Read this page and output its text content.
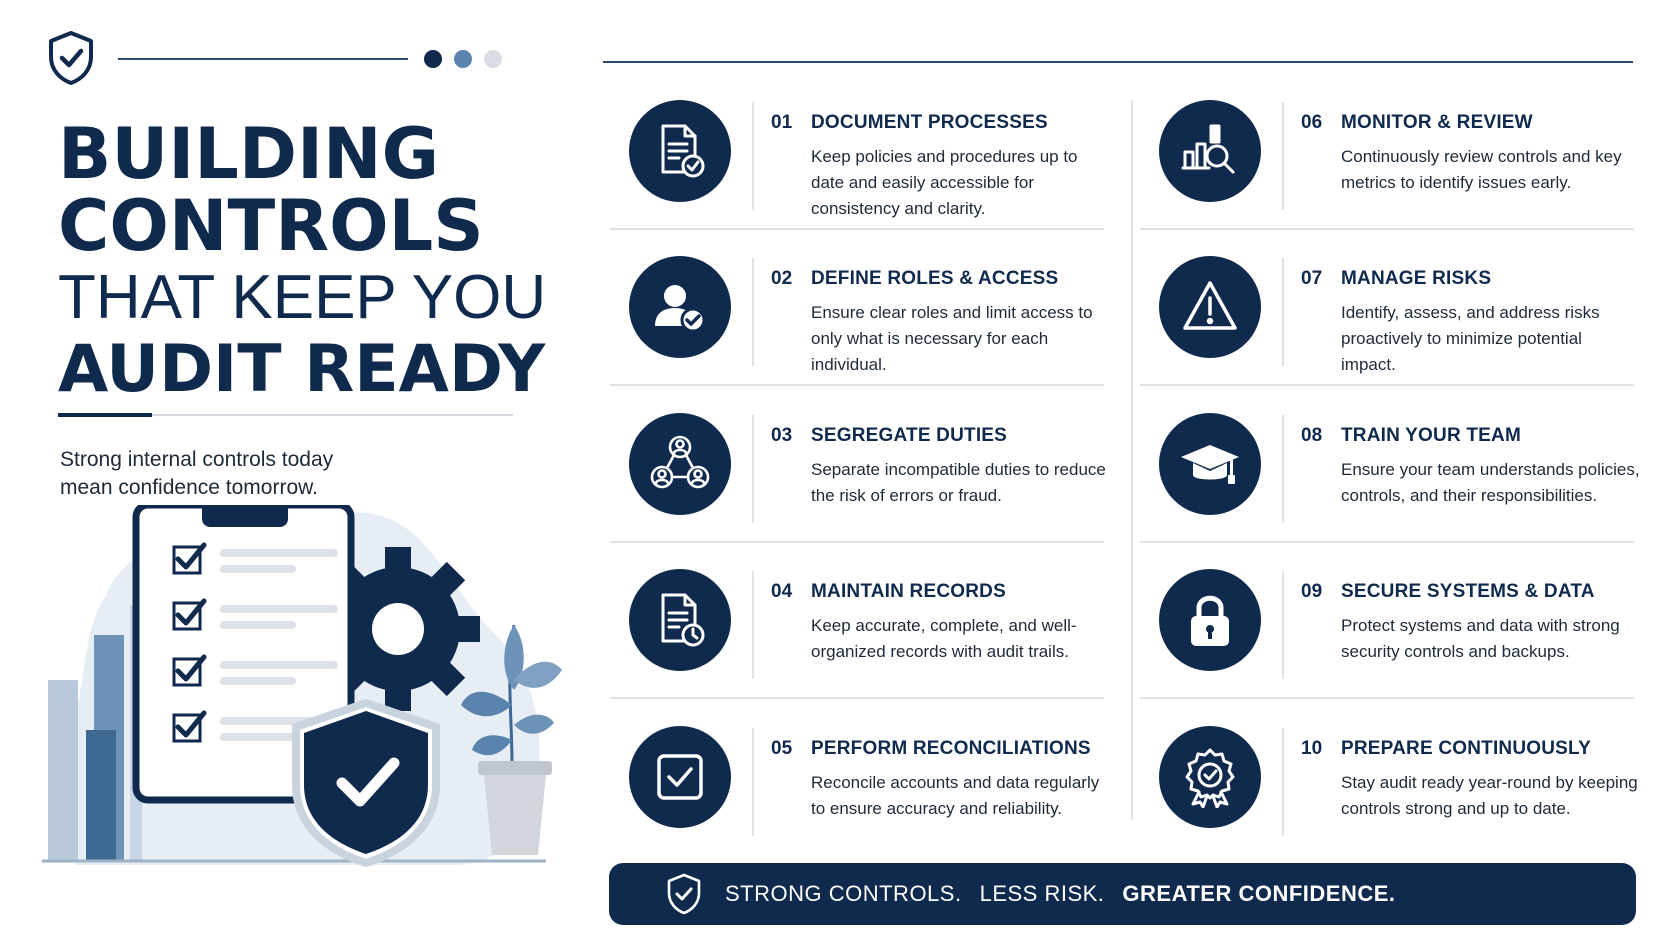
BUILDING
CONTROLS
THAT KEEP YOU
AUDIT READY

Strong internal controls today mean confidence tomorrow.

01 DOCUMENT PROCESSES

Keep policies and procedures up to date and easily accessible for consistency and clarity.

02 DEFINE ROLES & ACCESS

Ensure clear roles and limit access to only what is necessary for each individual.

03 SEGREGATE DUTIES

Separate incompatible duties to reduce the risk of errors or fraud.

04 MAINTAIN RECORDS

Keep accurate, complete, and well-organized records with audit trails.

05 PERFORM RECONCILIATIONS

Reconcile accounts and data regularly to ensure accuracy and reliability.

06 MONITOR & REVIEW

Continuously review controls and key metrics to identify issues early.

07 MANAGE RISKS

Identify, assess, and address risks proactively to minimize potential impact.

08 TRAIN YOUR TEAM

Ensure your team understands policies, controls, and their responsibilities.

09 SECURE SYSTEMS & DATA

Protect systems and data with strong security controls and backups.

10 PREPARE CONTINUOUSLY

Stay audit ready year-round by keeping controls strong and up to date.

STRONG CONTROLS. LESS RISK. GREATER CONFIDENCE.
